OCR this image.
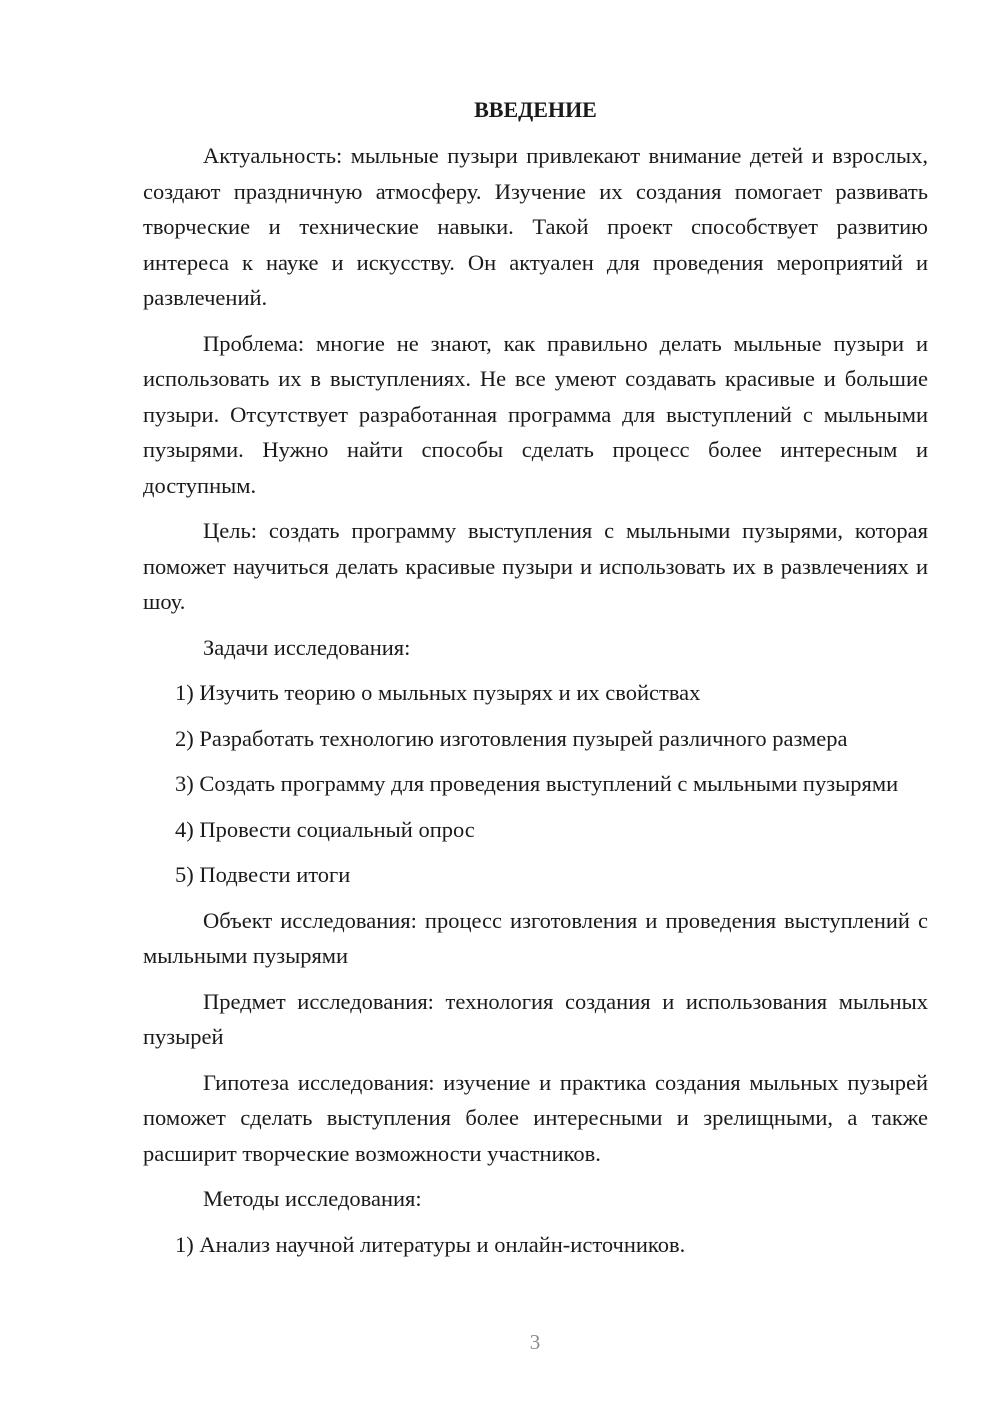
ВВЕДЕНИЕ

Актуальность: мыльные пузыри привлекают внимание детей и взрослых, создают праздничную атмосферу. Изучение их создания помогает развивать творческие и технические навыки. Такой проект способствует развитию интереса к науке и искусству. Он актуален для проведения мероприятий и развлечений.

Проблема: многие не знают, как правильно делать мыльные пузыри и использовать их в выступлениях. Не все умеют создавать красивые и большие пузыри. Отсутствует разработанная программа для выступлений с мыльными пузырями. Нужно найти способы сделать процесс более интересным и доступным.

Цель: создать программу выступления с мыльными пузырями, которая поможет научиться делать красивые пузыри и использовать их в развлечениях и шоу.

Задачи исследования:

1) Изучить теорию о мыльных пузырях и их свойствах

2) Разработать технологию изготовления пузырей различного размера

3) Создать программу для проведения выступлений с мыльными пузырями

4) Провести социальный опрос

5) Подвести итоги

Объект исследования: процесс изготовления и проведения выступлений с мыльными пузырями

Предмет исследования: технология создания и использования мыльных пузырей

Гипотеза исследования: изучение и практика создания мыльных пузырей поможет сделать выступления более интересными и зрелищными, а также расширит творческие возможности участников.

Методы исследования:

1) Анализ научной литературы и онлайн-источников.

3
